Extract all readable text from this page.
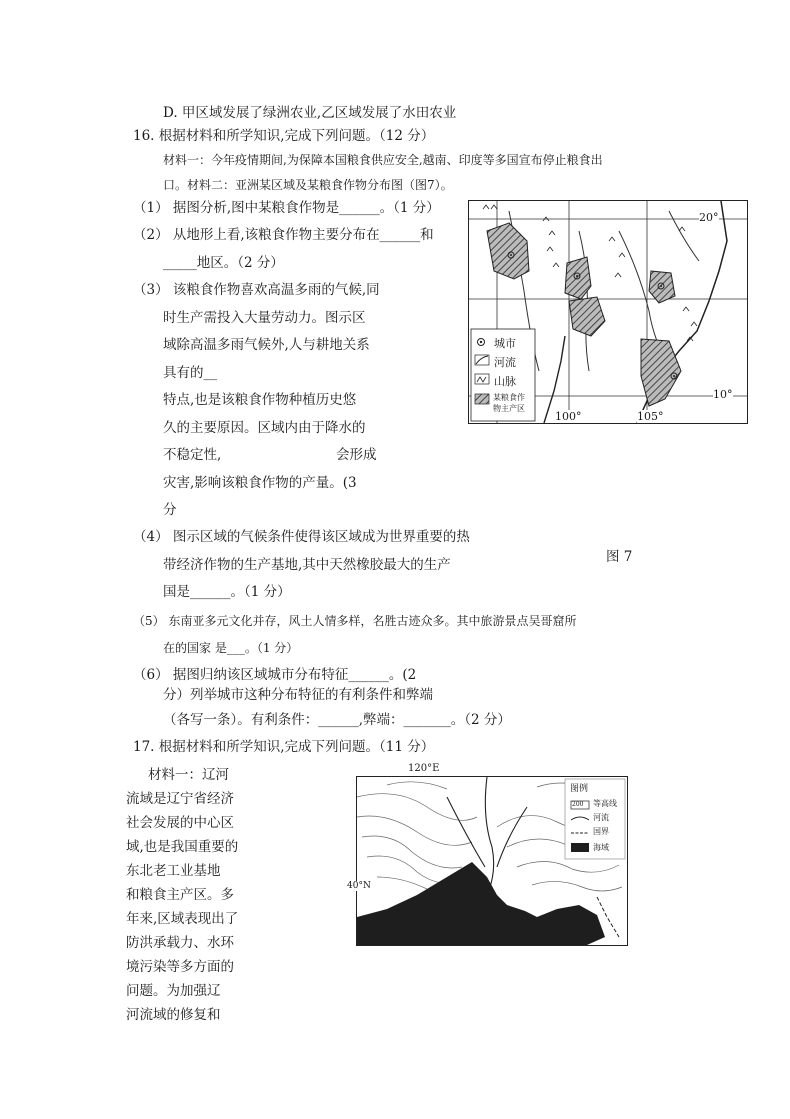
D. 甲区域发展了绿洲农业,乙区域发展了水田农业
16. 根据材料和所学知识,完成下列问题。（12 分）
材料一：今年疫情期间,为保障本国粮食供应安全,越南、印度等多国宣布停止粮食出
口。材料二：亚洲某区域及某粮食作物分布图（图7）。
（1） 据图分析,图中某粮食作物是______。（1 分）
（2） 从地形上看,该粮食作物主要分布在______和
_____地区。（2 分）
（3） 该粮食作物喜欢高温多雨的气候,同
时生产需投入大量劳动力。图示区
域除高温多雨气候外,人与耕地关系
具有的__
特点,也是该粮食作物种植历史悠
久的主要原因。区域内由于降水的
不稳定性,	会形成
灾害,影响该粮食作物的产量。(3
分
（4） 图示区域的气候条件使得该区域成为世界重要的热
带经济作物的生产基地,其中天然橡胶最大的生产
国是______。（1 分）
图 7
（5） 东南亚多元文化并存，风土人情多样，名胜古迹众多。其中旅游景点吴哥窟所
在的国家 是___。（1 分）
（6） 据图归纳该区域城市分布特征______。(2
分）列举城市这种分布特征的有利条件和弊端
（各写一条）。有利条件：______,弊端：_______。（2 分）
城市
河流
山脉
某粮食作
物主产区
20°
10°
100°	105°
17. 根据材料和所学知识,完成下列问题。（11 分）
材料一：辽河
流域是辽宁省经济
社会发展的中心区
域,也是我国重要的
东北老工业基地
和粮食主产区。多
年来,区域表现出了
防洪承载力、水环
境污染等多方面的
问题。为加强辽
河流域的修复和
200
图例
等高线
河流
国界
海域
40°N
120°E
